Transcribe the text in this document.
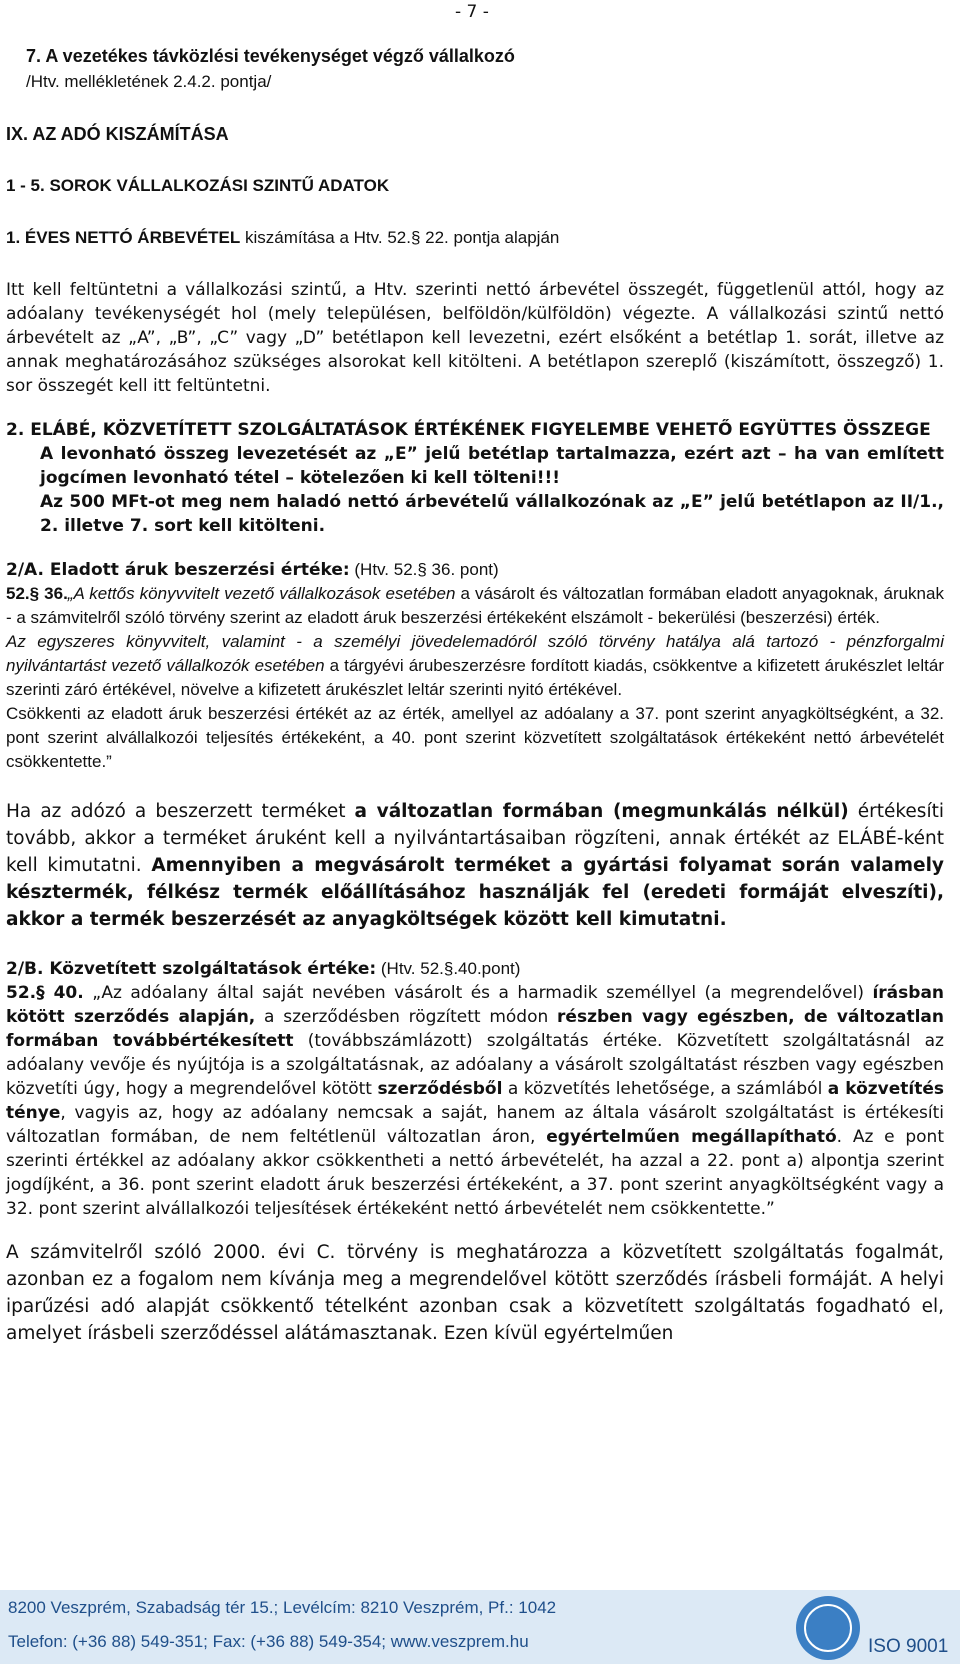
- 7 -

7. A vezetékes távközlési tevékenységet végző vállalkozó

/Htv. mellékletének 2.4.2. pontja/

IX. AZ ADÓ KISZÁMÍTÁSA

1 - 5. SOROK VÁLLALKOZÁSI SZINTŰ ADATOK

1. ÉVES NETTÓ ÁRBEVÉTEL kiszámítása a Htv. 52.§ 22. pontja alapján

Itt kell feltüntetni a vállalkozási szintű, a Htv. szerinti nettó árbevétel összegét, függetlenül attól, hogy az adóalany tevékenységét hol (mely településen, belföldön/külföldön) végezte. A vállalkozási szintű nettó árbevételt az „A”, „B”, „C” vagy „D” betétlapon kell levezetni, ezért elsőként a betétlap 1. sorát, illetve az annak meghatározásához szükséges alsorokat kell kitölteni. A betétlapon szereplő (kiszámított, összegző) 1. sor összegét kell itt feltüntetni.

2. ELÁBÉ, KÖZVETÍTETT SZOLGÁLTATÁSOK ÉRTÉKÉNEK FIGYELEMBE VEHETŐ EGYÜTTES ÖSSZEGE

A levonható összeg levezetését az „E” jelű betétlap tartalmazza, ezért azt – ha van említett jogcímen levonható tétel – kötelezően ki kell tölteni!!!

Az 500 MFt-ot meg nem haladó nettó árbevételű vállalkozónak az „E” jelű betétlapon az II/1., 2. illetve 7. sort kell kitölteni.

2/A. Eladott áruk beszerzési értéke: (Htv. 52.§ 36. pont)

52.§ 36.„A kettős könyvvitelt vezető vállalkozások esetében a vásárolt és változatlan formában eladott anyagoknak, áruknak - a számvitelről szóló törvény szerint az eladott áruk beszerzési értékeként elszámolt - bekerülési (beszerzési) érték.

Az egyszeres könyvvitelt, valamint - a személyi jövedelemadóról szóló törvény hatálya alá tartozó - pénzforgalmi nyilvántartást vezető vállalkozók esetében a tárgyévi árubeszerzésre fordított kiadás, csökkentve a kifizetett árukészlet leltár szerinti záró értékével, növelve a kifizetett árukészlet leltár szerinti nyitó értékével.

Csökkenti az eladott áruk beszerzési értékét az az érték, amellyel az adóalany a 37. pont szerint anyagköltségként, a 32. pont szerint alvállalkozói teljesítés értékeként, a 40. pont szerint közvetített szolgáltatások értékeként nettó árbevételét csökkentette.”

Ha az adózó a beszerzett terméket a változatlan formában (megmunkálás nélkül) értékesíti tovább, akkor a terméket áruként kell a nyilvántartásaiban rögzíteni, annak értékét az ELÁBÉ-ként kell kimutatni. Amennyiben a megvásárolt terméket a gyártási folyamat során valamely késztermék, félkész termék előállításához használják fel (eredeti formáját elveszíti), akkor a termék beszerzését az anyagköltségek között kell kimutatni.

2/B. Közvetített szolgáltatások értéke: (Htv. 52.§.40.pont)

52.§ 40. „Az adóalany által saját nevében vásárolt és a harmadik személlyel (a megrendelővel) írásban kötött szerződés alapján, a szerződésben rögzített módon részben vagy egészben, de változatlan formában továbbértékesített (továbbszámlázott) szolgáltatás értéke. Közvetített szolgáltatásnál az adóalany vevője és nyújtója is a szolgáltatásnak, az adóalany a vásárolt szolgáltatást részben vagy egészben közvetíti úgy, hogy a megrendelővel kötött szerződésből a közvetítés lehetősége, a számlából a közvetítés ténye, vagyis az, hogy az adóalany nemcsak a saját, hanem az általa vásárolt szolgáltatást is értékesíti változatlan formában, de nem feltétlenül változatlan áron, egyértelműen megállapítható. Az e pont szerinti értékkel az adóalany akkor csökkentheti a nettó árbevételét, ha azzal a 22. pont a) alpontja szerint jogdíjként, a 36. pont szerint eladott áruk beszerzési értékeként, a 37. pont szerint anyagköltségként vagy a 32. pont szerint alvállalkozói teljesítések értékeként nettó árbevételét nem csökkentette.”

A számvitelről szóló 2000. évi C. törvény is meghatározza a közvetített szolgáltatás fogalmát, azonban ez a fogalom nem kívánja meg a megrendelővel kötött szerződés írásbeli formáját. A helyi iparűzési adó alapját csökkentő tételként azonban csak a közvetített szolgáltatás fogadható el, amelyet írásbeli szerződéssel alátámasztanak. Ezen kívül egyértelműen

8200 Veszprém, Szabadság tér 15.; Levélcím: 8210 Veszprém, Pf.: 1042
Telefon: (+36 88) 549-351; Fax: (+36 88) 549-354; www.veszprem.hu	ISO 9001
